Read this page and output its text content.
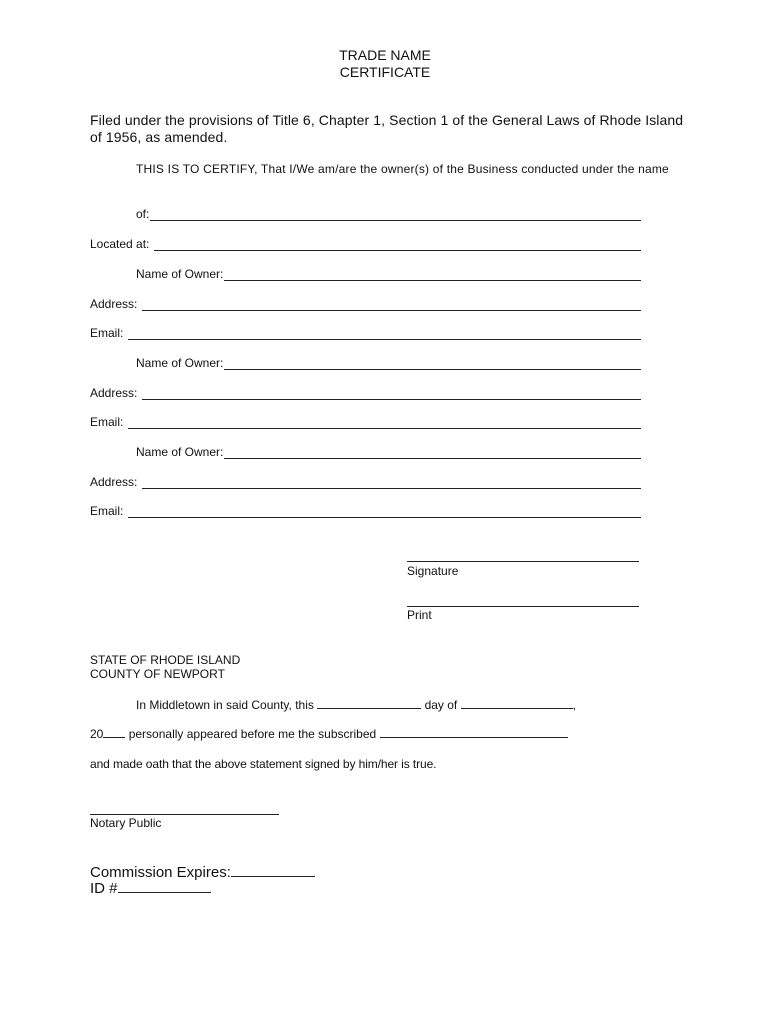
TRADE NAME
CERTIFICATE
Filed under the provisions of Title 6, Chapter 1, Section 1 of the General Laws of Rhode Island
of 1956, as amended.
THIS IS TO CERTIFY, That I/We am/are the owner(s) of the Business conducted under the name
of:
Located at:
Name of Owner:
Address:
Email:
Name of Owner:
Address:
Email:
Name of Owner:
Address:
Email:
Signature
Print
STATE OF RHODE ISLAND
COUNTY OF NEWPORT
In Middletown in said County, this	day of	,
20 personally appeared before me the subscribed
and made oath that the above statement signed by him/her is true.
Notary Public
Commission Expires:
ID #
